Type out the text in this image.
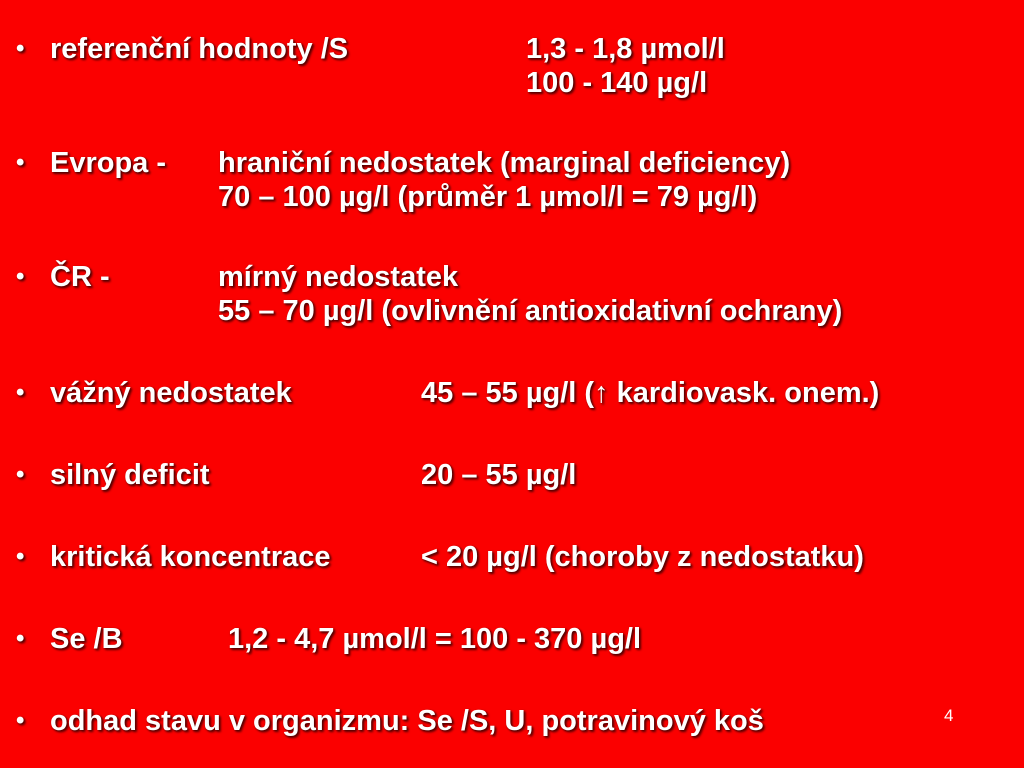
• referenční hodnoty /S	1,3 - 1,8 µmol/l
100 - 140 µg/l
• Evropa - hraniční nedostatek (marginal deficiency)
70 – 100 µg/l (průměr 1 µmol/l = 79 µg/l)
• ČR -	mírný nedostatek
55 – 70 µg/l (ovlivnění antioxidativní ochrany)
• vážný nedostatek	45 – 55 µg/l (↑ kardiovask. onem.)
• silný deficit	20 – 55 µg/l
• kritická koncentrace	< 20 µg/l (choroby z nedostatku)
• Se /B	1,2 - 4,7 µmol/l = 100 - 370 µg/l
• odhad stavu v organizmu: Se /S, U, potravinový koš	4
